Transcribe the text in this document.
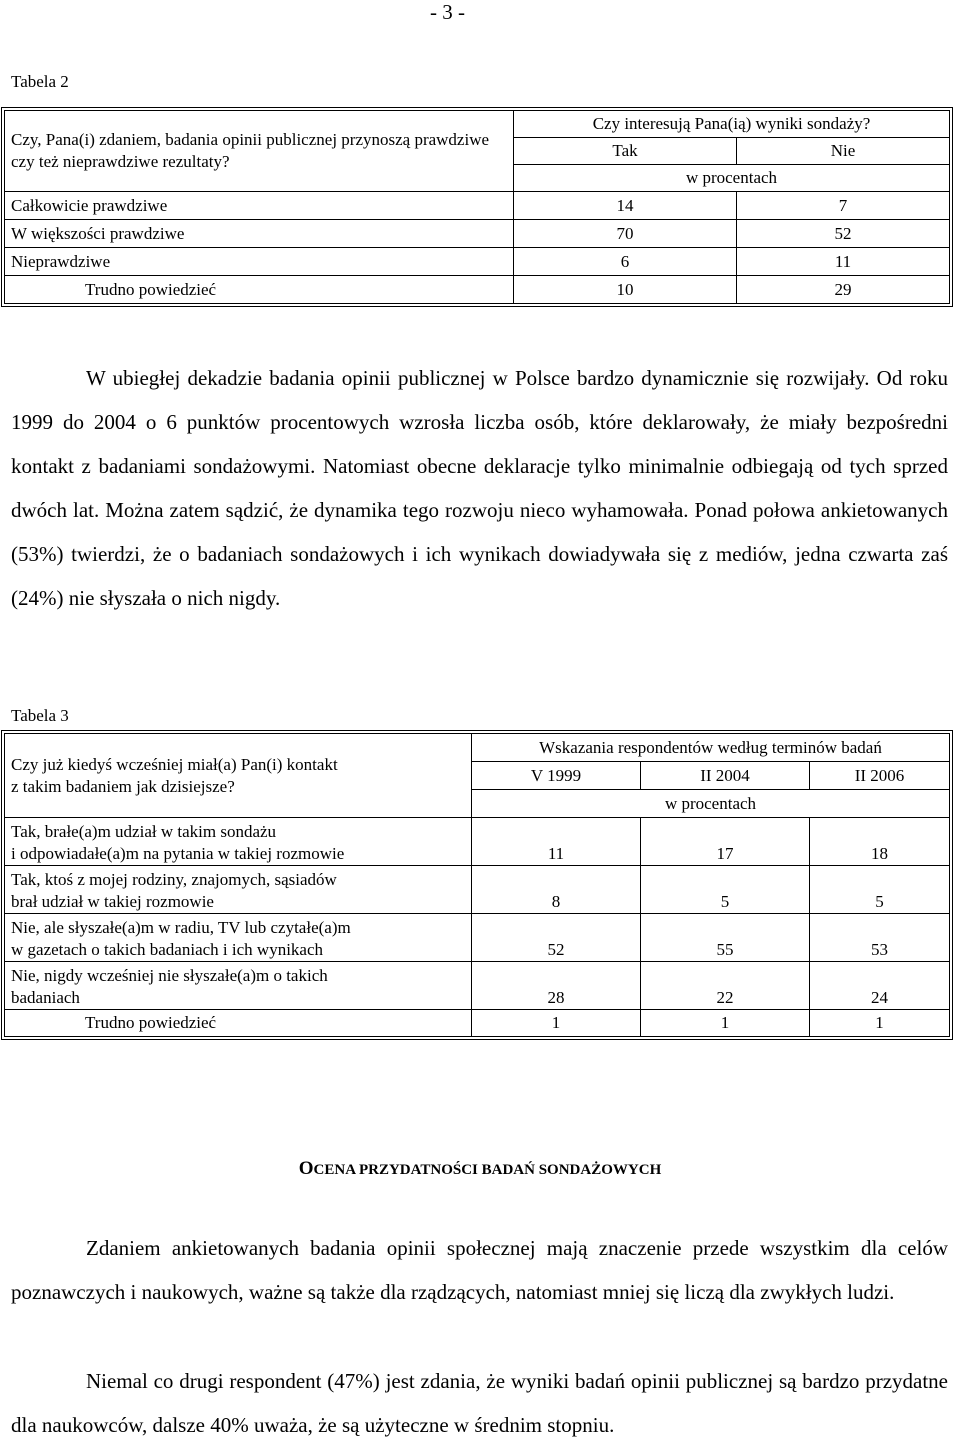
- 3 -
Tabela 2
Czy, Pana(i) zdaniem, badania opinii publicznej przynoszą prawdziwe czy też nieprawdziwe rezultaty?	Czy interesują Pana(ią) wyniki sondaży?	
	Tak	Nie
	w procentach	
Całkowicie prawdziwe	14	7
W większości prawdziwe	70	52
Nieprawdziwe	6	11
Trudno powiedzieć	10	29

W ubiegłej dekadzie badania opinii publicznej w Polsce bardzo dynamicznie się rozwijały. Od roku 1999 do 2004 o 6 punktów procentowych wzrosła liczba osób, które deklarowały, że miały bezpośredni kontakt z badaniami sondażowymi. Natomiast obecne deklaracje tylko minimalnie odbiegają od tych sprzed dwóch lat. Można zatem sądzić, że dynamika tego rozwoju nieco wyhamowała. Ponad połowa ankietowanych (53%) twierdzi, że o badaniach sondażowych i ich wynikach dowiadywała się z mediów, jedna czwarta zaś (24%) nie słyszała o nich nigdy.

Tabela 3
Czy już kiedyś wcześniej miał(a) Pan(i) kontakt
z takim badaniem jak dzisiejsze?	Wskazania respondentów według terminów badań		
	V 1999	II 2004	II 2006
	w procentach		
Tak, brałe(a)m udział w takim sondażu
i odpowiadałe(a)m na pytania w takiej rozmowie	11	17	18
Tak, ktoś z mojej rodziny, znajomych, sąsiadów
brał udział w takiej rozmowie	8	5	5
Nie, ale słyszałe(a)m w radiu, TV lub czytałe(a)m
w gazetach o takich badaniach i ich wynikach	52	55	53
Nie, nigdy wcześniej nie słyszałe(a)m o takich
badaniach	28	22	24
Trudno powiedzieć	1	1	1
OCENA PRZYDATNOŚCI BADAŃ SONDAŻOWYCH

Zdaniem ankietowanych badania opinii społecznej mają znaczenie przede wszystkim dla celów poznawczych i naukowych, ważne są także dla rządzących, natomiast mniej się liczą dla zwykłych ludzi.

Niemal co drugi respondent (47%) jest zdania, że wyniki badań opinii publicznej są bardzo przydatne dla naukowców, dalsze 40% uważa, że są użyteczne w średnim stopniu.
